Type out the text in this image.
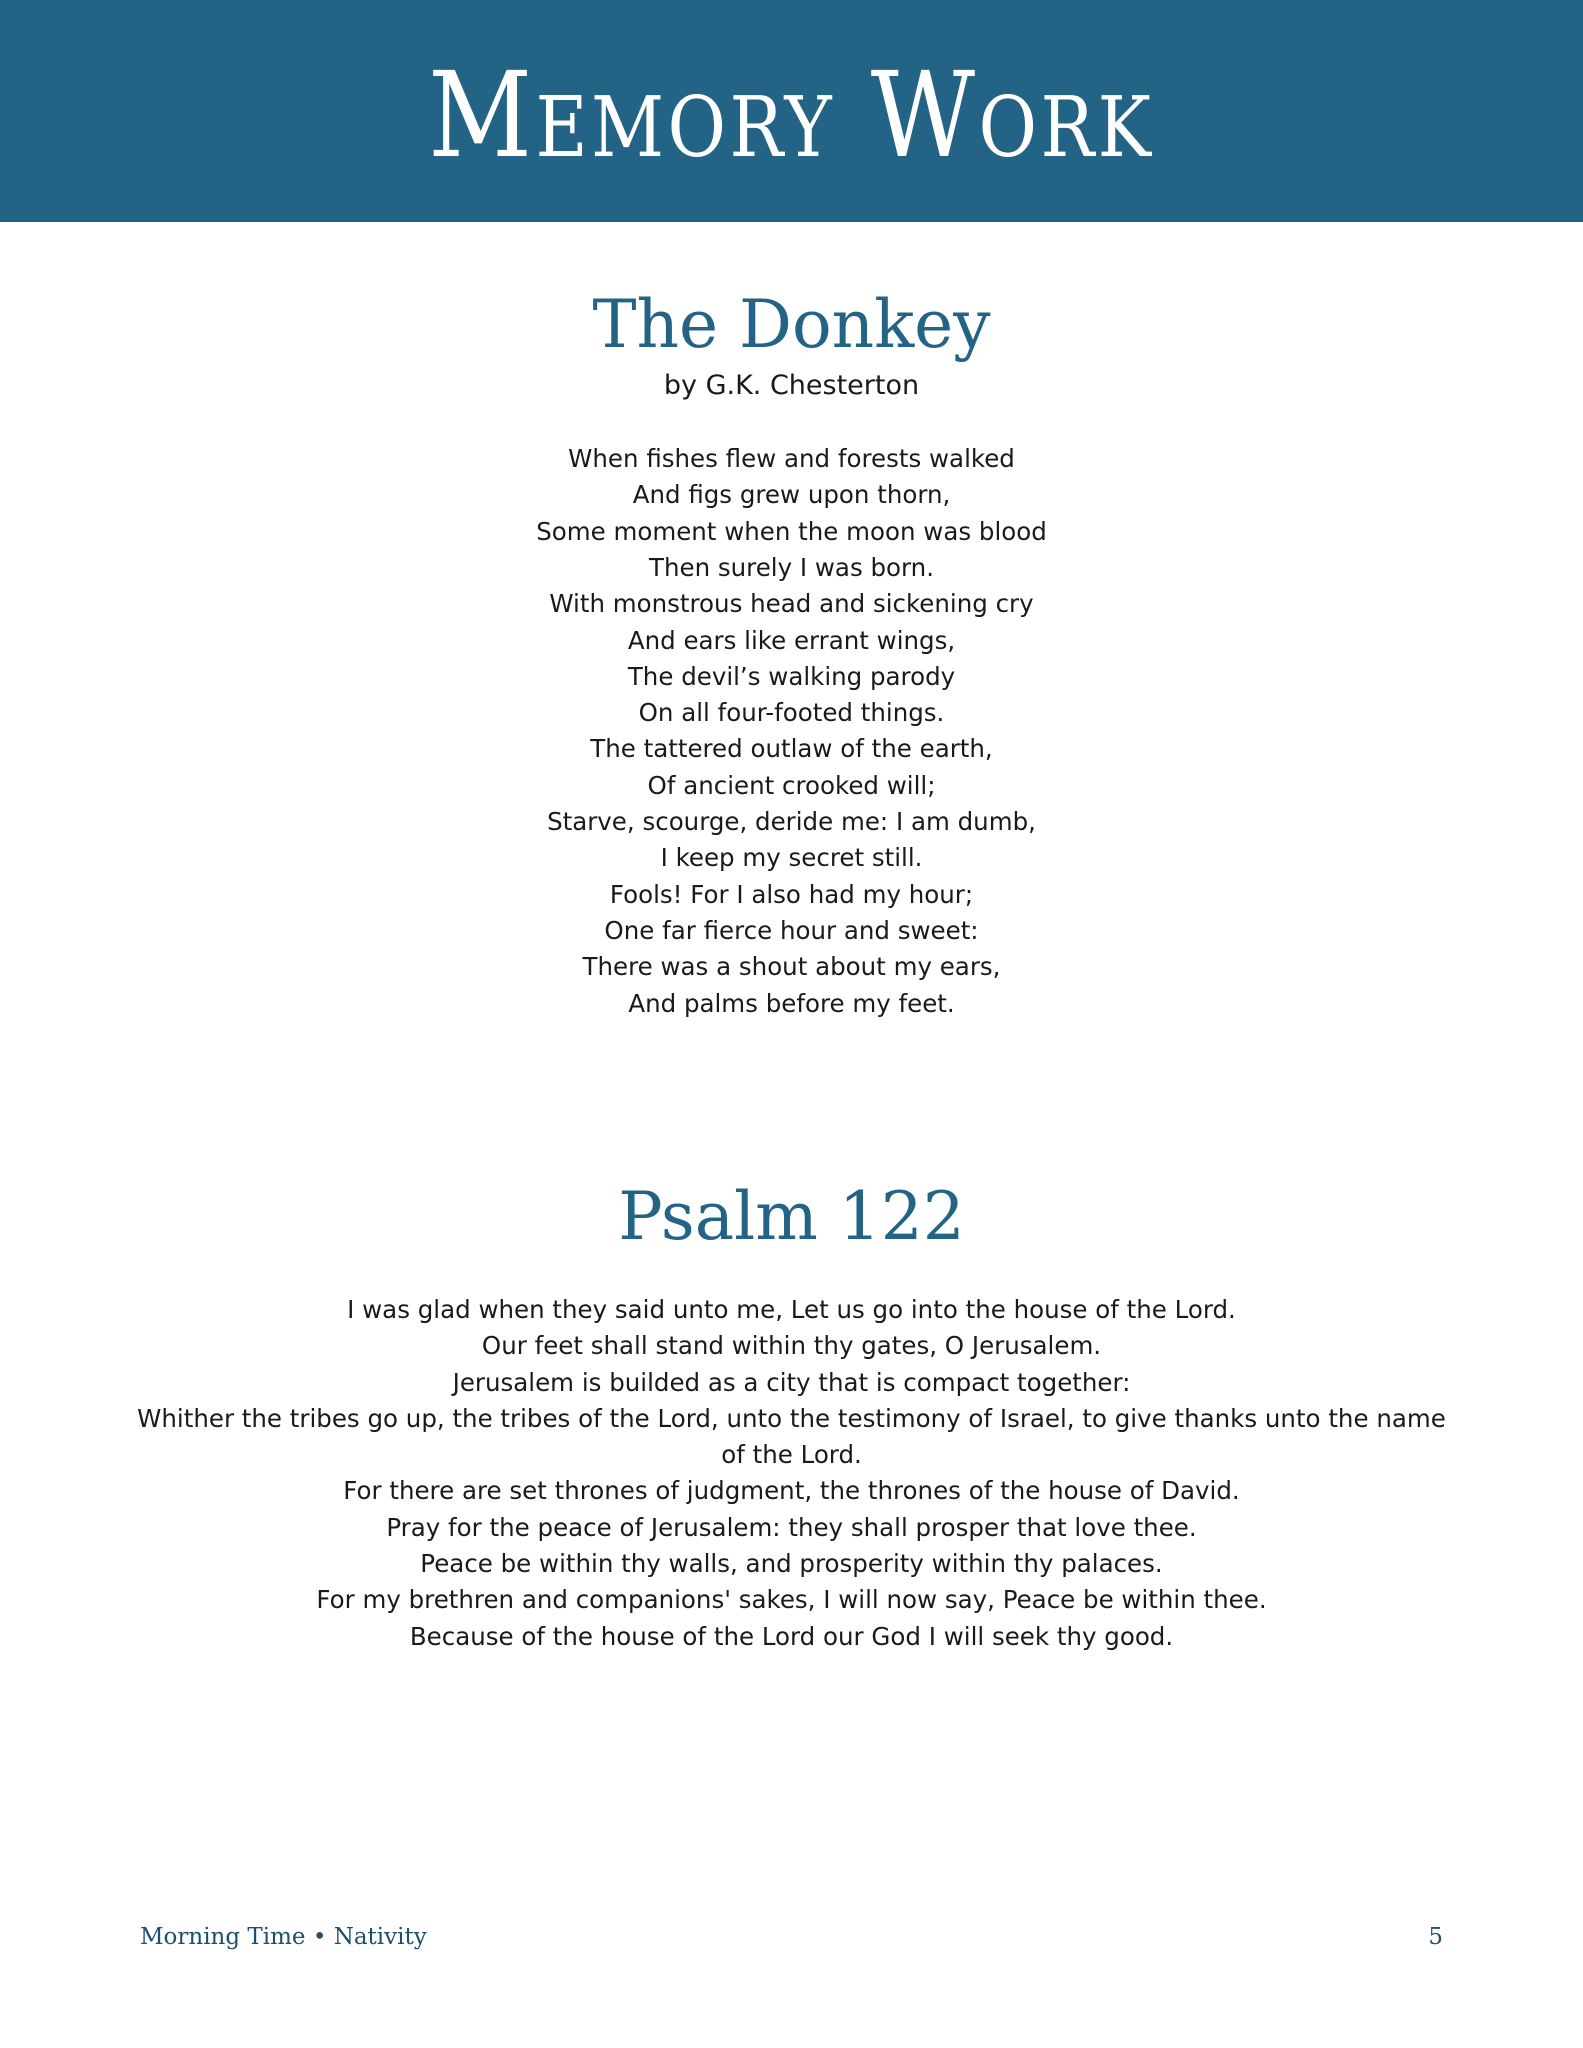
Memory Work
The Donkey

by G.K. Chesterton

When fishes flew and forests walked
And figs grew upon thorn,
Some moment when the moon was blood
Then surely I was born.
With monstrous head and sickening cry
And ears like errant wings,
The devil’s walking parody
On all four-footed things.
The tattered outlaw of the earth,
Of ancient crooked will;
Starve, scourge, deride me: I am dumb,
I keep my secret still.
Fools! For I also had my hour;
One far fierce hour and sweet:
There was a shout about my ears,
And palms before my feet.
Psalm 122
I was glad when they said unto me, Let us go into the house of the Lord.
Our feet shall stand within thy gates, O Jerusalem.
Jerusalem is builded as a city that is compact together:
Whither the tribes go up, the tribes of the Lord, unto the testimony of Israel, to give thanks unto the name of the Lord.
For there are set thrones of judgment, the thrones of the house of David.
Pray for the peace of Jerusalem: they shall prosper that love thee.
Peace be within thy walls, and prosperity within thy palaces.
For my brethren and companions' sakes, I will now say, Peace be within thee.
Because of the house of the Lord our God I will seek thy good.
Morning Time • Nativity	5
